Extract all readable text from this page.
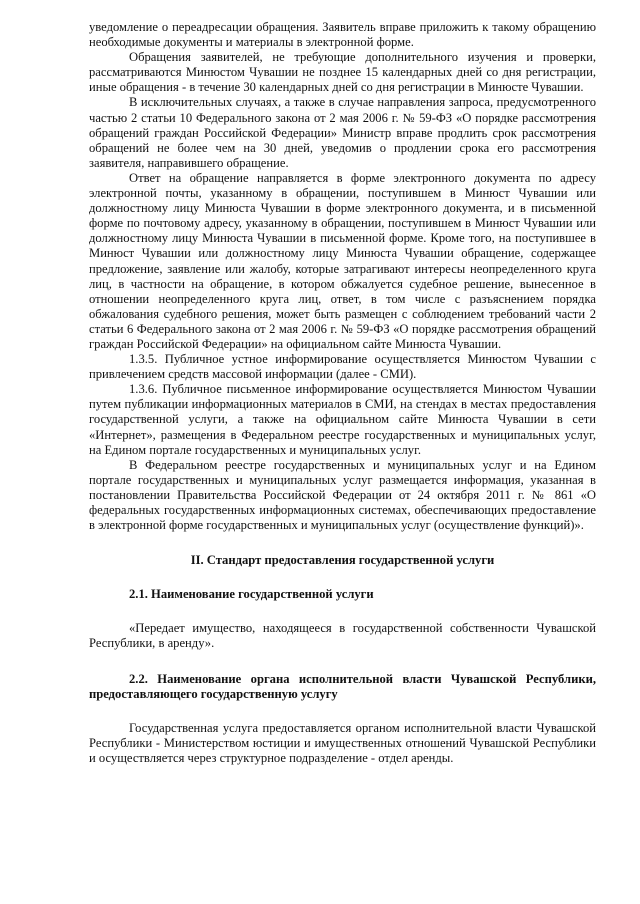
уведомление о переадресации обращения. Заявитель вправе приложить к такому обращению необходимые документы и материалы в электронной форме.

Обращения заявителей, не требующие дополнительного изучения и проверки, рассматриваются Минюстом Чувашии не позднее 15 календарных дней со дня регистрации, иные обращения - в течение 30 календарных дней со дня регистрации в Минюсте Чувашии.

В исключительных случаях, а также в случае направления запроса, предусмотренного частью 2 статьи 10 Федерального закона от 2 мая 2006 г. № 59-ФЗ «О порядке рассмотрения обращений граждан Российской Федерации» Министр вправе продлить срок рассмотрения обращений не более чем на 30 дней, уведомив о продлении срока его рассмотрения заявителя, направившего обращение.

Ответ на обращение направляется в форме электронного документа по адресу электронной почты, указанному в обращении, поступившем в Минюст Чувашии или должностному лицу Минюста Чувашии в форме электронного документа, и в письменной форме по почтовому адресу, указанному в обращении, поступившем в Минюст Чувашии или должностному лицу Минюста Чувашии в письменной форме. Кроме того, на поступившее в Минюст Чувашии или должностному лицу Минюста Чувашии обращение, содержащее предложение, заявление или жалобу, которые затрагивают интересы неопределенного круга лиц, в частности на обращение, в котором обжалуется судебное решение, вынесенное в отношении неопределенного круга лиц, ответ, в том числе с разъяснением порядка обжалования судебного решения, может быть размещен с соблюдением требований части 2 статьи 6 Федерального закона от 2 мая 2006 г. № 59-ФЗ «О порядке рассмотрения обращений граждан Российской Федерации» на официальном сайте Минюста Чувашии.

1.3.5. Публичное устное информирование осуществляется Минюстом Чувашии с привлечением средств массовой информации (далее - СМИ).

1.3.6. Публичное письменное информирование осуществляется Минюстом Чувашии путем публикации информационных материалов в СМИ, на стендах в местах предоставления государственной услуги, а также на официальном сайте Минюста Чувашии в сети «Интернет», размещения в Федеральном реестре государственных и муниципальных услуг, на Едином портале государственных и муниципальных услуг.

В Федеральном реестре государственных и муниципальных услуг и на Едином портале государственных и муниципальных услуг размещается информация, указанная в постановлении Правительства Российской Федерации от 24 октября 2011 г. № 861 «О федеральных государственных информационных системах, обеспечивающих предоставление в электронной форме государственных и муниципальных услуг (осуществление функций)».

II. Стандарт предоставления государственной услуги
2.1. Наименование государственной услуги

«Передает имущество, находящееся в государственной собственности Чувашской Республики, в аренду».

2.2. Наименование органа исполнительной власти Чувашской Республики, предоставляющего государственную услугу

Государственная услуга предоставляется органом исполнительной власти Чувашской Республики - Министерством юстиции и имущественных отношений Чувашской Республики и осуществляется через структурное подразделение - отдел аренды.
